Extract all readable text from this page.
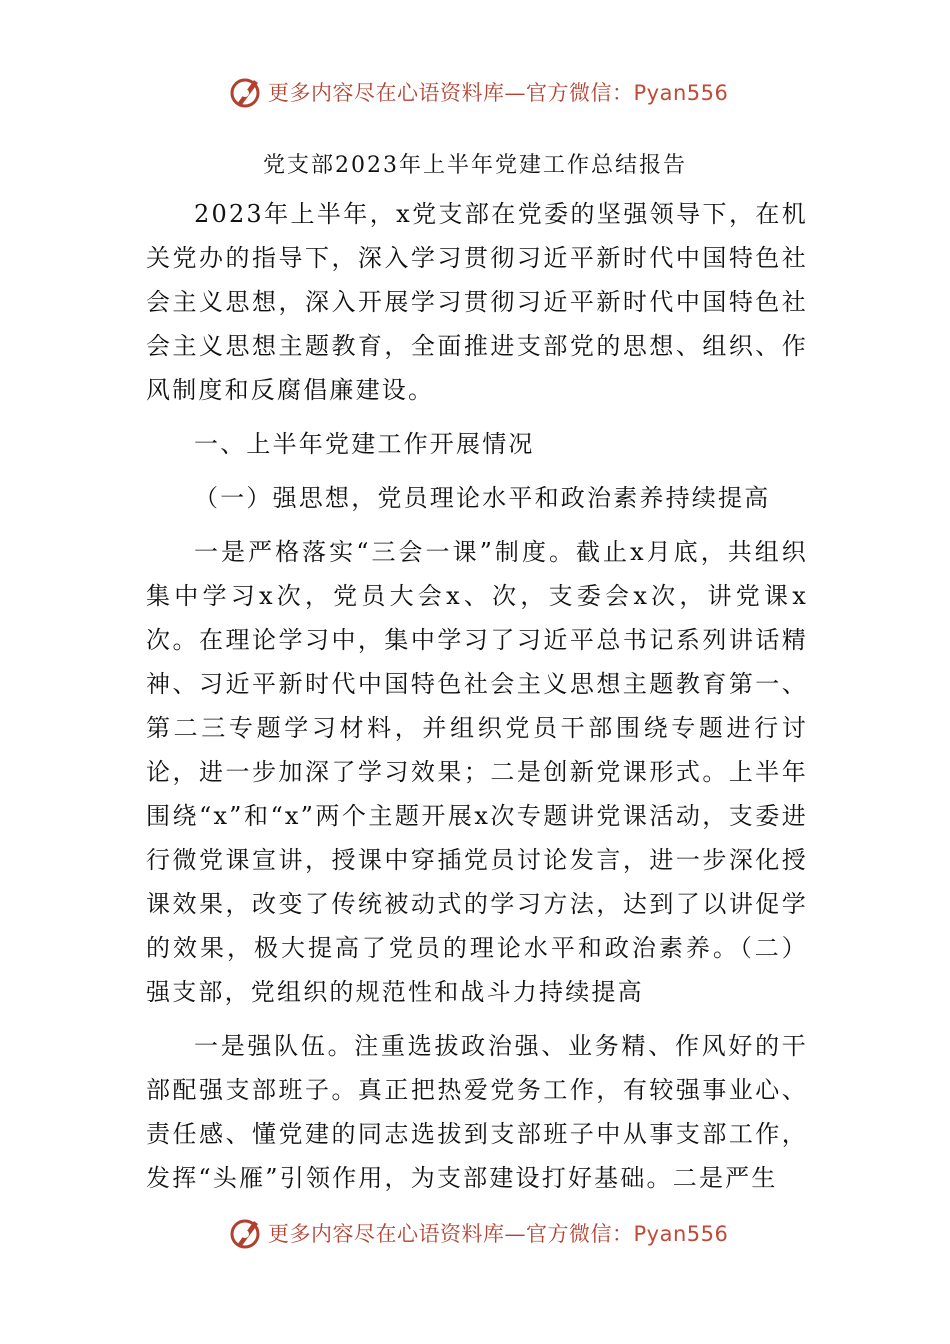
更多内容尽在心语资料库—官方微信：Pyan556
党支部2023年上半年党建工作总结报告

2023年上半年，x党支部在党委的坚强领导下，在机关党办的指导下，深入学习贯彻习近平新时代中国特色社会主义思想，深入开展学习贯彻习近平新时代中国特色社会主义思想主题教育，全面推进支部党的思想、组织、作风制度和反腐倡廉建设。

一、上半年党建工作开展情况

（一）强思想，党员理论水平和政治素养持续提高

一是严格落实“三会一课”制度。截止x月底，共组织集中学习x次，党员大会x、次，支委会x次，讲党课x次。在理论学习中，集中学习了习近平总书记系列讲话精神、习近平新时代中国特色社会主义思想主题教育第一、第二三专题学习材料，并组织党员干部围绕专题进行讨论，进一步加深了学习效果；二是创新党课形式。上半年围绕“x”和“x”两个主题开展x次专题讲党课活动，支委进行微党课宣讲，授课中穿插党员讨论发言，进一步深化授课效果，改变了传统被动式的学习方法，达到了以讲促学的效果，极大提高了党员的理论水平和政治素养。（二）强支部，党组织的规范性和战斗力持续提高

一是强队伍。注重选拔政治强、业务精、作风好的干部配强支部班子。真正把热爱党务工作，有较强事业心、责任感、懂党建的同志选拔到支部班子中从事支部工作，发挥“头雁”引领作用，为支部建设打好基础。二是严生

更多内容尽在心语资料库—官方微信：Pyan556
